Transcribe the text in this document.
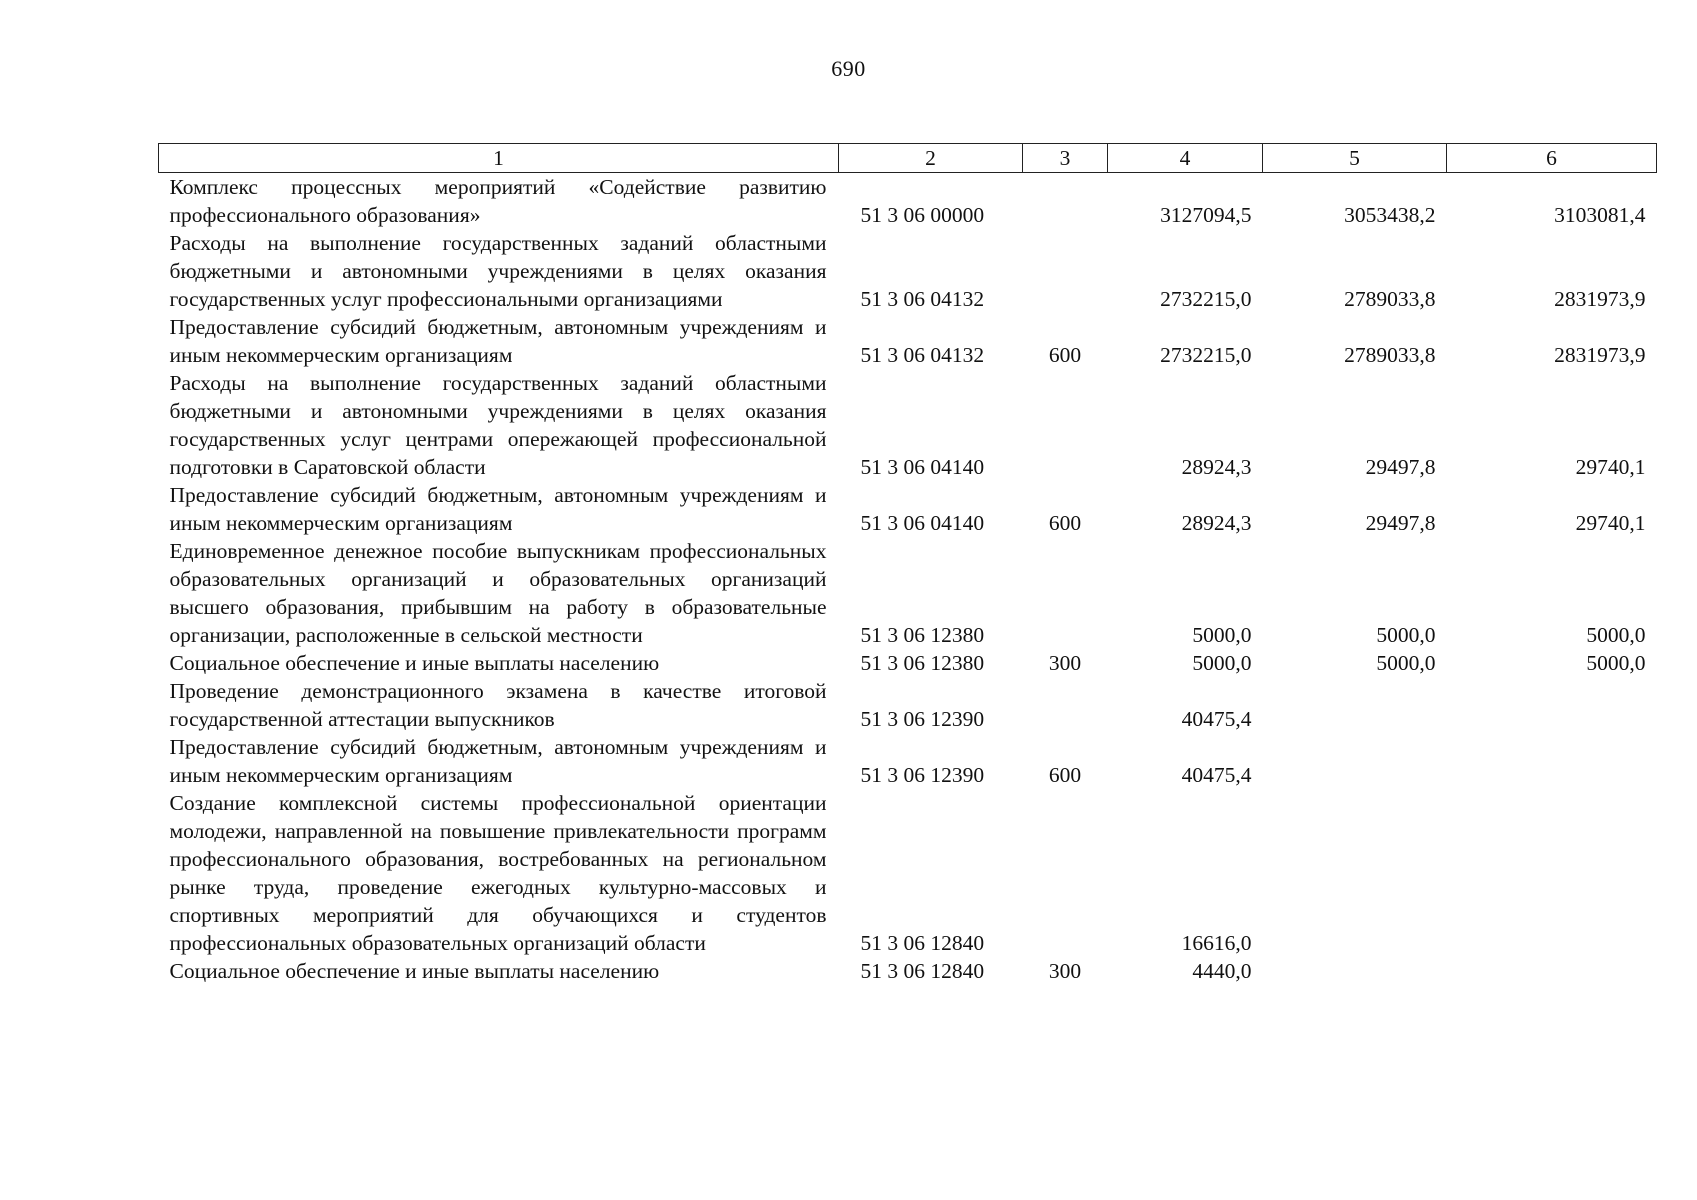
690
1	2	3	4	5	6
Комплекс процессных мероприятий «Содействие развитию профессионального образования»	51 3 06 00000		3127094,5	3053438,2	3103081,4
Расходы на выполнение государственных заданий областными бюджетными и автономными учреждениями в целях оказания государственных услуг профессиональными организациями	51 3 06 04132		2732215,0	2789033,8	2831973,9
Предоставление субсидий бюджетным, автономным учреждениям и иным некоммерческим организациям	51 3 06 04132	600	2732215,0	2789033,8	2831973,9
Расходы на выполнение государственных заданий областными бюджетными и автономными учреждениями в целях оказания государственных услуг центрами опережающей профессиональной подготовки в Саратовской области	51 3 06 04140		28924,3	29497,8	29740,1
Предоставление субсидий бюджетным, автономным учреждениям и иным некоммерческим организациям	51 3 06 04140	600	28924,3	29497,8	29740,1
Единовременное денежное пособие выпускникам профессиональных образовательных организаций и образовательных организаций высшего образования, прибывшим на работу в образовательные организации, расположенные в сельской местности	51 3 06 12380		5000,0	5000,0	5000,0
Социальное обеспечение и иные выплаты населению	51 3 06 12380	300	5000,0	5000,0	5000,0
Проведение демонстрационного экзамена в качестве итоговой государственной аттестации выпускников	51 3 06 12390		40475,4		
Предоставление субсидий бюджетным, автономным учреждениям и иным некоммерческим организациям	51 3 06 12390	600	40475,4		
Создание комплексной системы профессиональной ориентации молодежи, направленной на повышение привлекательности программ профессионального образования, востребованных на региональном рынке труда, проведение ежегодных культурно-массовых и спортивных мероприятий для обучающихся и студентов профессиональных образовательных организаций области	51 3 06 12840		16616,0		
Социальное обеспечение и иные выплаты населению	51 3 06 12840	300	4440,0		
